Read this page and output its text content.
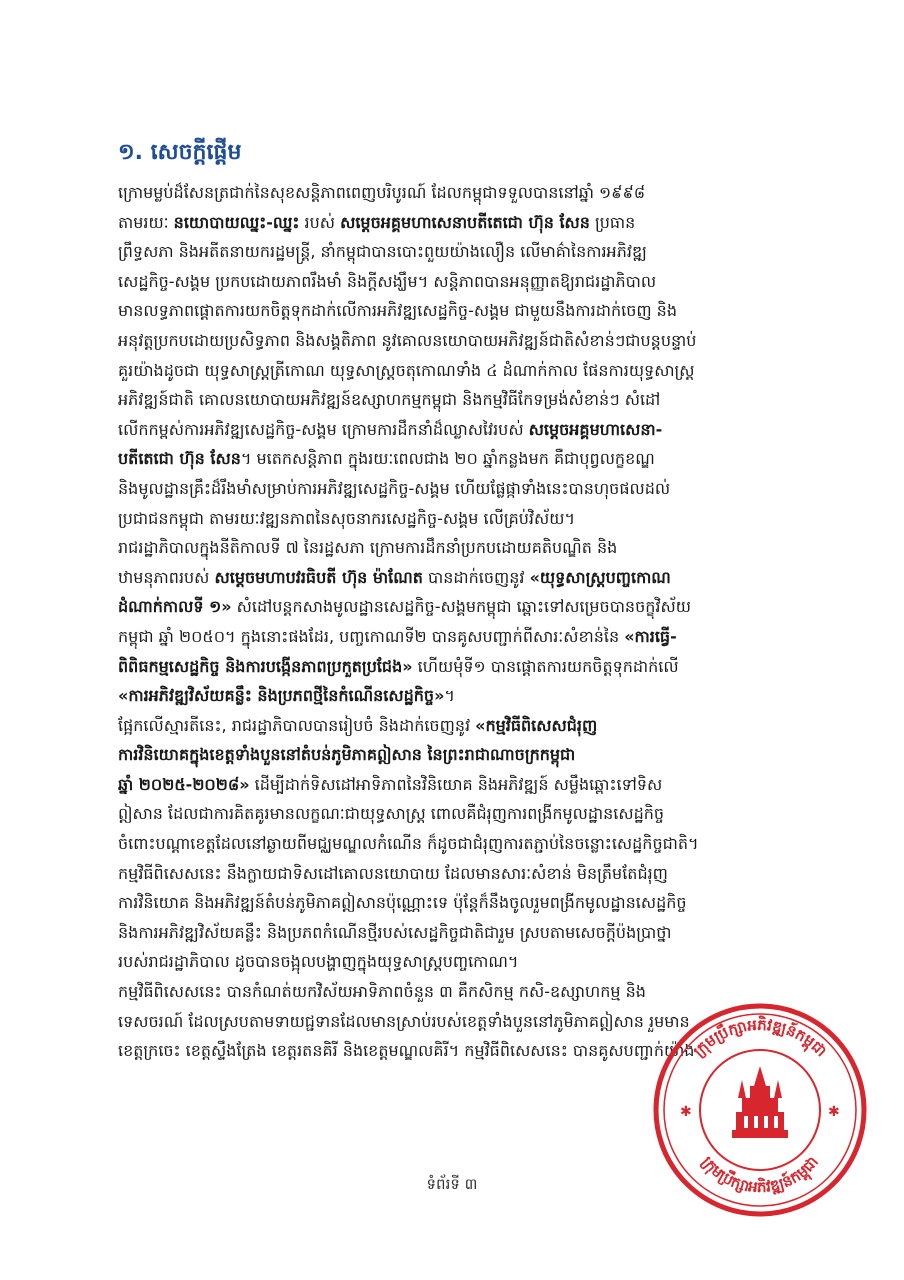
១. សេចក្តីផ្តើម
ក្រោមម្លប់ដ៏សែនត្រជាក់នៃសុខសន្តិភាពពេញបរិបូរណ៍ ដែលកម្ពុជាទទួលបាននៅឆ្នាំ ១៩៩៨
តាមរយៈ នយោបាយឈ្នះ-ឈ្នះ របស់ សម្តេចអគ្គមហាសេនាបតីតេជោ ហ៊ុន សែន ប្រធាន
ព្រឹទ្ធសភា និងអតីតនាយករដ្ឋមន្ត្រី, នាំកម្ពុជាបានបោះពួយយ៉ាងលឿន លើមាគ៌ានៃការអភិវឌ្ឍ
សេដ្ឋកិច្ច-សង្គម ប្រកបដោយភាពរឹងមាំ និងក្តីសង្ឃឹម។ សន្តិភាពបានអនុញ្ញាតឱ្យរាជរដ្ឋាភិបាល
មានលទ្ធភាពផ្តោតការយកចិត្តទុកដាក់លើការអភិវឌ្ឍសេដ្ឋកិច្ច-សង្គម ជាមួយនឹងការដាក់ចេញ និង
អនុវត្តប្រកបដោយប្រសិទ្ធភាព និងសង្គតិភាព នូវគោលនយោបាយអភិវឌ្ឍន៍ជាតិសំខាន់ៗជាបន្តបន្ទាប់
គួរយ៉ាងដូចជា យុទ្ធសាស្ត្រត្រីកោណ យុទ្ធសាស្ត្រចតុកោណទាំង ៤ ដំណាក់កាល ផែនការយុទ្ធសាស្ត្រ
អភិវឌ្ឍន៍ជាតិ គោលនយោបាយអភិវឌ្ឍន៍ឧស្សាហកម្មកម្ពុជា និងកម្មវិធីកែទម្រង់សំខាន់ៗ សំដៅ
លើកកម្ពស់ការអភិវឌ្ឍសេដ្ឋកិច្ច-សង្គម ក្រោមការដឹកនាំដ៏ឈ្លាសវៃរបស់ សម្តេចអគ្គមហាសេនា-
បតីតេជោ ហ៊ុន សែន។ មតេកសន្តិភាព ក្នុងរយៈពេលជាង ២០ ឆ្នាំកន្លងមក គឺជាបុព្វលក្ខខណ្ឌ
និងមូលដ្ឋានគ្រឹះដ៏រឹងមាំសម្រាប់ការអភិវឌ្ឍសេដ្ឋកិច្ច-សង្គម ហើយផ្លែផ្កាទាំងនេះបានហុចផលដល់
ប្រជាជនកម្ពុជា តាមរយៈវឌ្ឍនភាពនៃសុចនាករសេដ្ឋកិច្ច-សង្គម លើគ្រប់វិស័យ។
រាជរដ្ឋាភិបាលក្នុងនីតិកាលទី ៧ នៃរដ្ឋសភា ក្រោមការដឹកនាំប្រកបដោយគតិបណ្ឌិត និង
ឋាមនុភាពរបស់ សម្តេចមហាបវរធិបតី ហ៊ុន ម៉ាណែត បានដាក់ចេញនូវ «យុទ្ធសាស្ត្របញ្ចកោណ
ដំណាក់កាលទី ១» សំដៅបន្តកសាងមូលដ្ឋានសេដ្ឋកិច្ច-សង្គមកម្ពុជា ឆ្ពោះទៅសម្រេចបានចក្ខុវិស័យ
កម្ពុជា ឆ្នាំ ២០៥០។ ក្នុងនោះផងដែរ, បញ្ចកោណទី២ បានគូសបញ្ជាក់ពីសារៈសំខាន់នៃ «ការធ្វើ-
ពិពិធកម្មសេដ្ឋកិច្ច និងការបង្កើនភាពប្រកួតប្រជែង» ហើយមុំទី១ បានផ្តោតការយកចិត្តទុកដាក់លើ
«ការអភិវឌ្ឍវិស័យគន្លឹះ និងប្រភពថ្មីនៃកំណើនសេដ្ឋកិច្ច»។
ផ្អែកលើស្មារតីនេះ, រាជរដ្ឋាភិបាលបានរៀបចំ និងដាក់ចេញនូវ «កម្មវិធីពិសេសជំរុញ
ការវិនិយោគក្នុងខេត្តទាំងបួននៅតំបន់ភូមិភាគឦសាន នៃព្រះរាជាណាចក្រកម្ពុជា
ឆ្នាំ ២០២៥-២០២៨» ដើម្បីដាក់ទិសដៅអាទិភាពនៃវិនិយោគ និងអភិវឌ្ឍន៍ សម្លឹងឆ្ពោះទៅទិស
ឦសាន ដែលជាការគិតគូរមានលក្ខណៈជាយុទ្ធសាស្ត្រ ពោលគឺជំរុញការពង្រីកមូលដ្ឋានសេដ្ឋកិច្ច
ចំពោះបណ្តាខេត្តដែលនៅឆ្ងាយពីមជ្ឈមណ្ឌលកំណើន ក៏ដូចជាជំរុញការតភ្ជាប់នៃចន្លោះសេដ្ឋកិច្ចជាតិ។
កម្មវិធីពិសេសនេះ នឹងក្លាយជាទិសដៅគោលនយោបាយ ដែលមានសារៈសំខាន់ មិនត្រឹមតែជំរុញ
ការវិនិយោគ និងអភិវឌ្ឍន៍តំបន់ភូមិភាគឦសានប៉ុណ្ណោះទេ ប៉ុន្តែក៏នឹងចូលរួមពង្រីកមូលដ្ឋានសេដ្ឋកិច្ច
និងការអភិវឌ្ឍវិស័យគន្លឹះ និងប្រភពកំណើនថ្មីរបស់សេដ្ឋកិច្ចជាតិជារួម ស្របតាមសេចក្តីប៉ងប្រាថ្នា
របស់រាជរដ្ឋាភិបាល ដូចបានចង្អុលបង្ហាញក្នុងយុទ្ធសាស្ត្របញ្ចកោណ។
កម្មវិធីពិសេសនេះ បានកំណត់យកវិស័យអាទិភាពចំនួន ៣ គឺកសិកម្ម កសិ-ឧស្សាហកម្ម និង
ទេសចរណ៍ ដែលស្របតាមទាយជ្ជទានដែលមានស្រាប់របស់ខេត្តទាំងបួននៅភូមិភាគឦសាន រួមមាន
ខេត្តក្រចេះ ខេត្តស្ទឹងត្រែង ខេត្តរតនគិរី និងខេត្តមណ្ឌលគិរី។ កម្មវិធីពិសេសនេះ បានគូសបញ្ជាក់យ៉ាង
ក្រុមប្រឹក្សាអភិវឌ្ឍន៍កម្ពុជា
ក្រុមប្រឹក្សាអភិវឌ្ឍន៍កម្ពុជា
✱	✱
ទំព័រទី ៣
